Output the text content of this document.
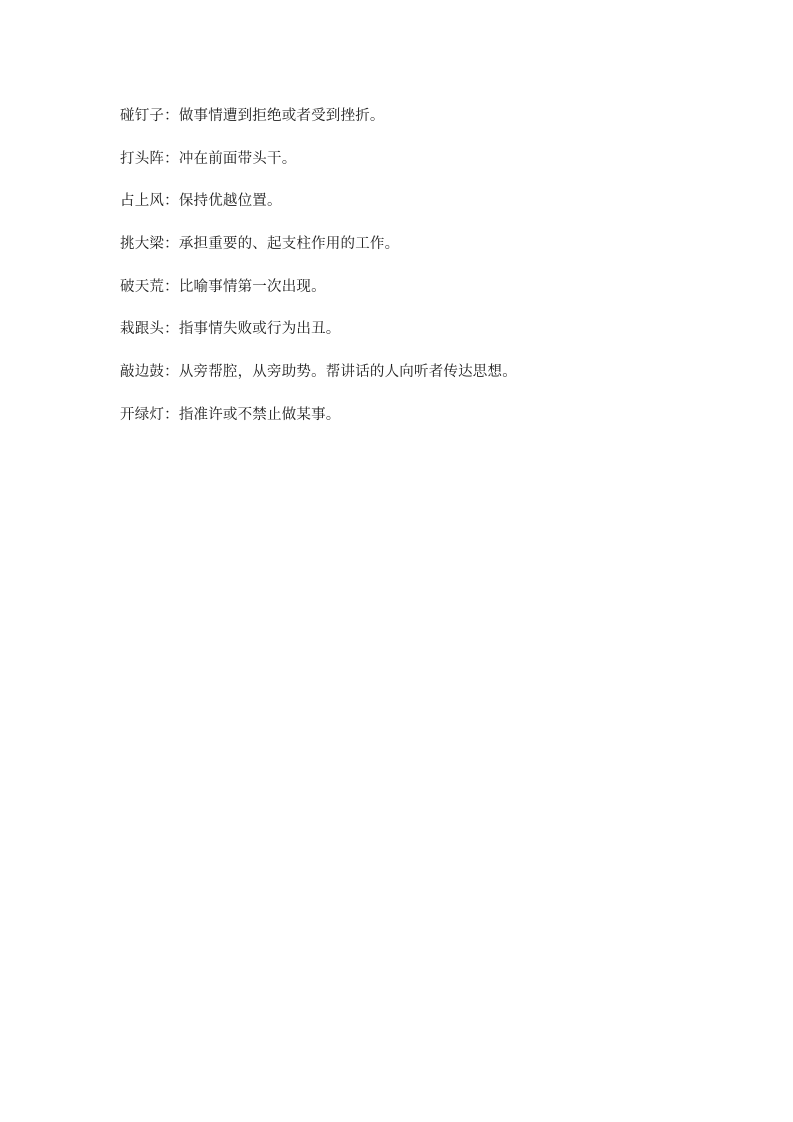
碰钉子：做事情遭到拒绝或者受到挫折。
打头阵：冲在前面带头干。
占上风：保持优越位置。
挑大梁：承担重要的、起支柱作用的工作。
破天荒：比喻事情第一次出现。
栽跟头：指事情失败或行为出丑。
敲边鼓：从旁帮腔，从旁助势。帮讲话的人向听者传达思想。
开绿灯：指准许或不禁止做某事。
